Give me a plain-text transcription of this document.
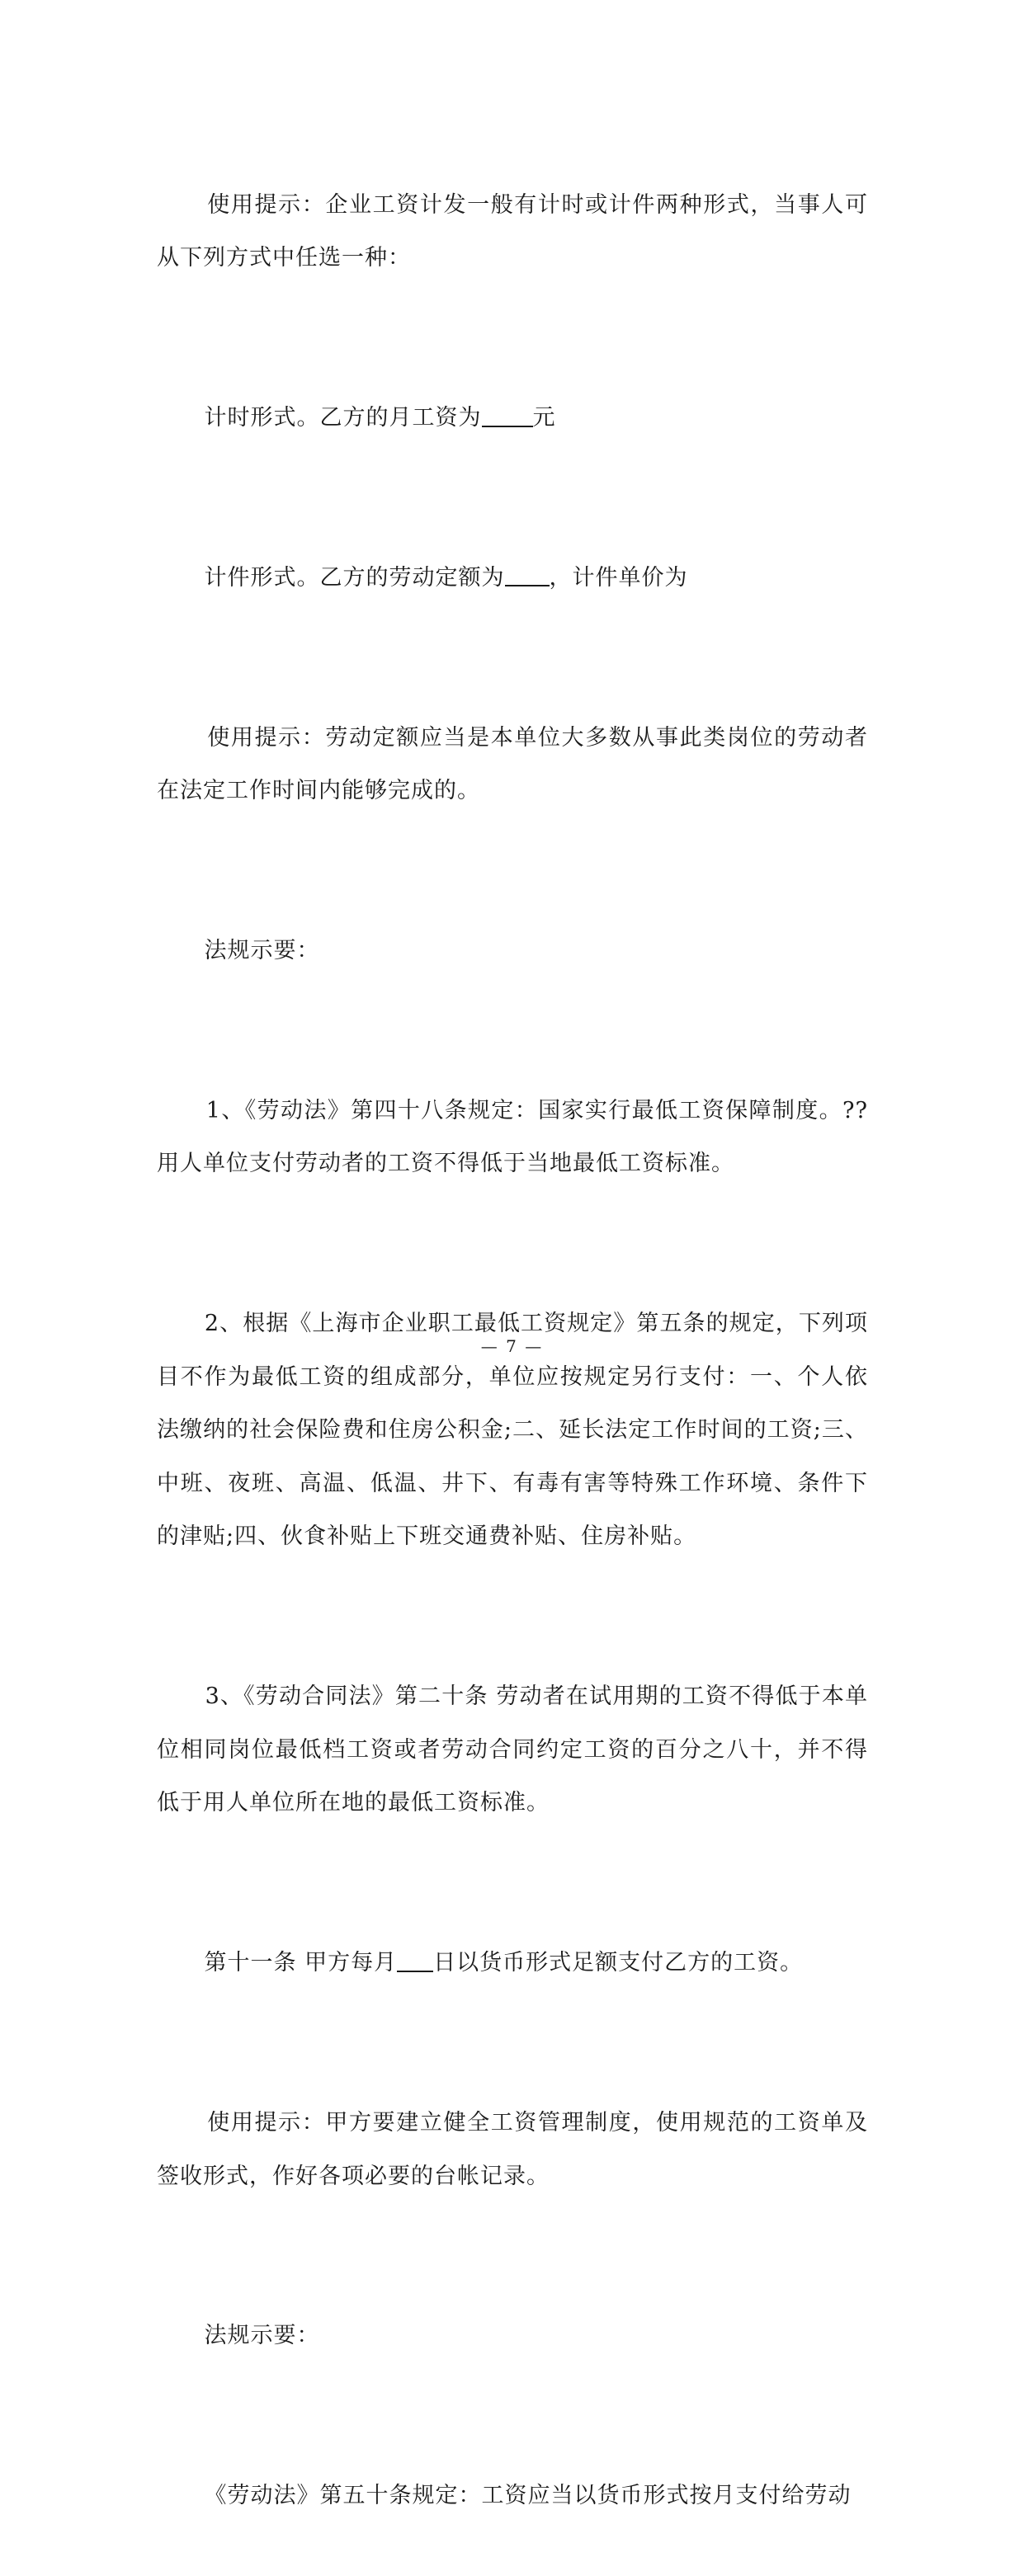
使用提示：企业工资计发一般有计时或计件两种形式，当事人可从下列方式中任选一种：

计时形式。乙方的月工资为 元

计件形式。乙方的劳动定额为 ，计件单价为

使用提示：劳动定额应当是本单位大多数从事此类岗位的劳动者在法定工作时间内能够完成的。

法规示要：

1、《劳动法》第四十八条规定：国家实行最低工资保障制度。??用人单位支付劳动者的工资不得低于当地最低工资标准。

2、根据《上海市企业职工最低工资规定》第五条的规定，下列项目不作为最低工资的组成部分，单位应按规定另行支付：一、个人依法缴纳的社会保险费和住房公积金;二、延长法定工作时间的工资;三、中班、夜班、高温、低温、井下、有毒有害等特殊工作环境、条件下的津贴;四、伙食补贴上下班交通费补贴、住房补贴。

3、《劳动合同法》第二十条 劳动者在试用期的工资不得低于本单位相同岗位最低档工资或者劳动合同约定工资的百分之八十，并不得低于用人单位所在地的最低工资标准。

第十一条 甲方每月 日以货币形式足额支付乙方的工资。

使用提示：甲方要建立健全工资管理制度，使用规范的工资单及签收形式，作好各项必要的台帐记录。

法规示要：

《劳动法》第五十条规定：工资应当以货币形式按月支付给劳动

— 7 —
